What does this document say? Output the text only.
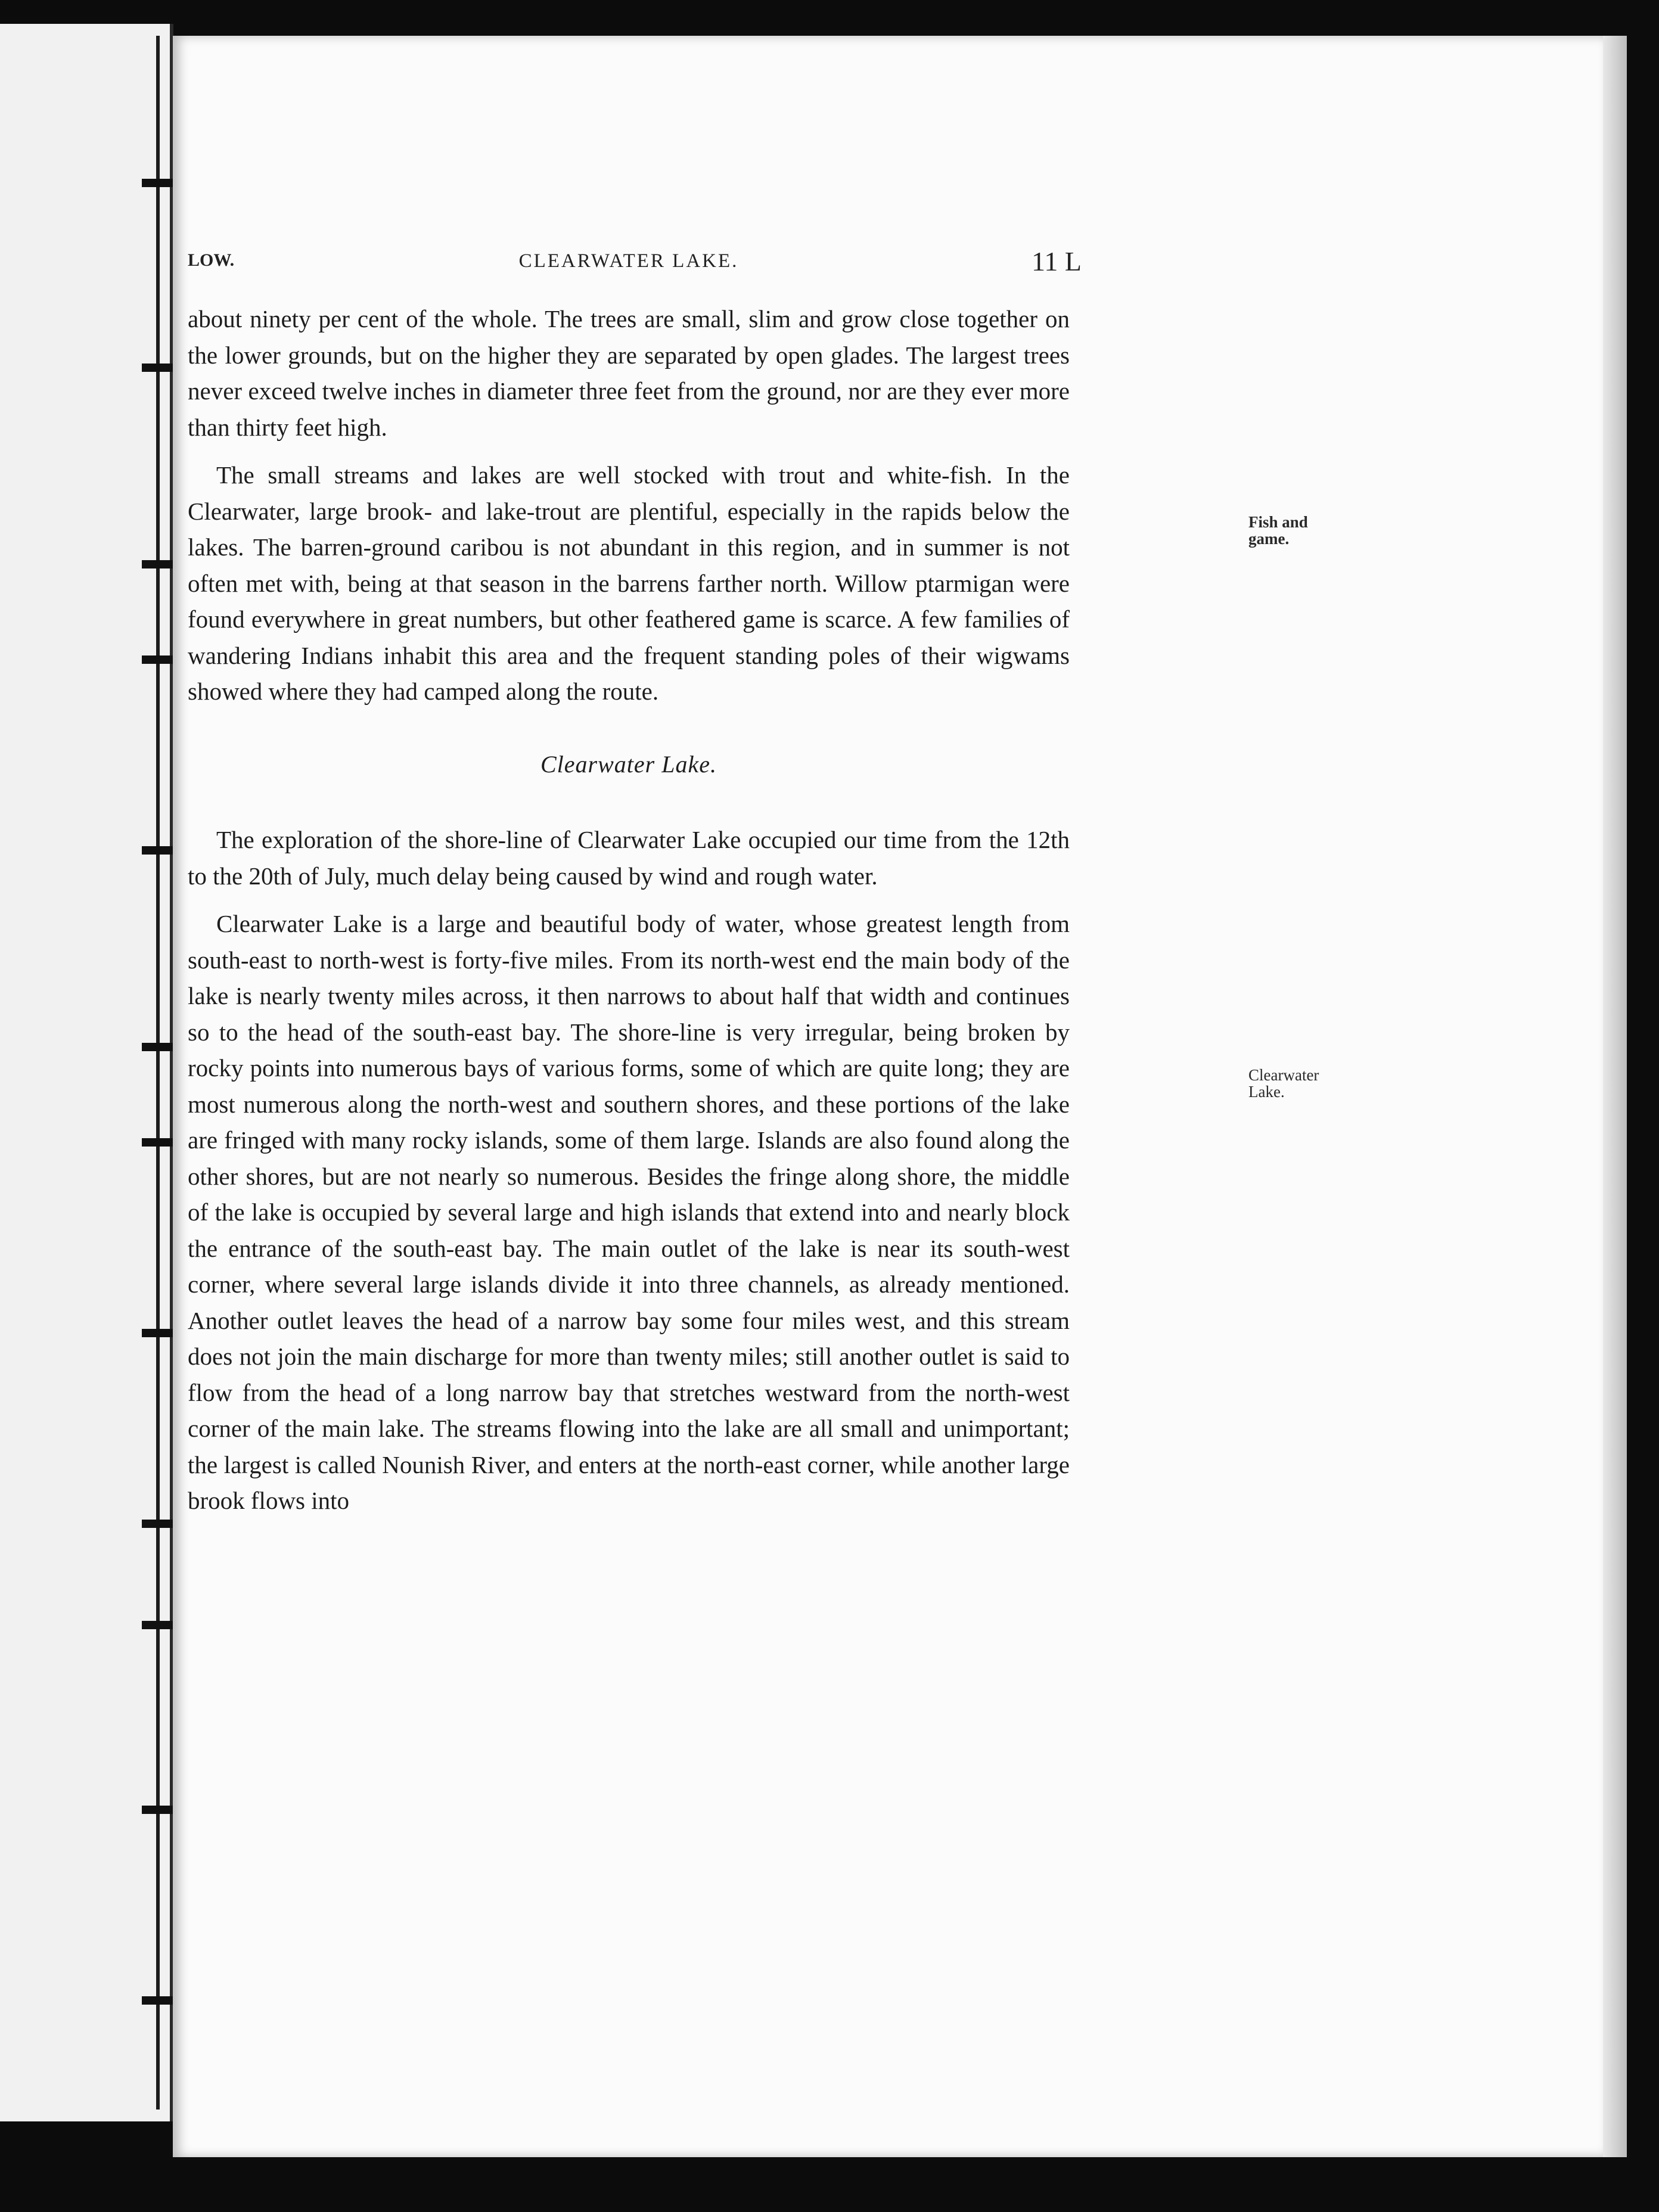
LOW.	CLEARWATER LAKE.	11 L

about ninety per cent of the whole. The trees are small, slim and grow close together on the lower grounds, but on the higher they are separated by open glades. The largest trees never exceed twelve inches in diameter three feet from the ground, nor are they ever more than thirty feet high.

The small streams and lakes are well stocked with trout and white-fish. In the Clearwater, large brook- and lake-trout are plentiful, especially in the rapids below the lakes. The barren-ground caribou is not abundant in this region, and in summer is not often met with, being at that season in the barrens farther north. Willow ptarmigan were found everywhere in great numbers, but other feathered game is scarce. A few families of wandering Indians inhabit this area and the frequent standing poles of their wigwams showed where they had camped along the route.

Clearwater Lake.

The exploration of the shore-line of Clearwater Lake occupied our time from the 12th to the 20th of July, much delay being caused by wind and rough water.

Clearwater Lake is a large and beautiful body of water, whose greatest length from south-east to north-west is forty-five miles. From its north-west end the main body of the lake is nearly twenty miles across, it then narrows to about half that width and continues so to the head of the south-east bay. The shore-line is very irregular, being broken by rocky points into numerous bays of various forms, some of which are quite long; they are most numerous along the north-west and southern shores, and these portions of the lake are fringed with many rocky islands, some of them large. Islands are also found along the other shores, but are not nearly so numerous. Besides the fringe along shore, the middle of the lake is occupied by several large and high islands that extend into and nearly block the entrance of the south-east bay. The main outlet of the lake is near its south-west corner, where several large islands divide it into three channels, as already mentioned. Another outlet leaves the head of a narrow bay some four miles west, and this stream does not join the main discharge for more than twenty miles; still another outlet is said to flow from the head of a long narrow bay that stretches westward from the north-west corner of the main lake. The streams flowing into the lake are all small and unimportant; the largest is called Nounish River, and enters at the north-east corner, while another large brook flows into

Fish and game.
Clearwater Lake.
